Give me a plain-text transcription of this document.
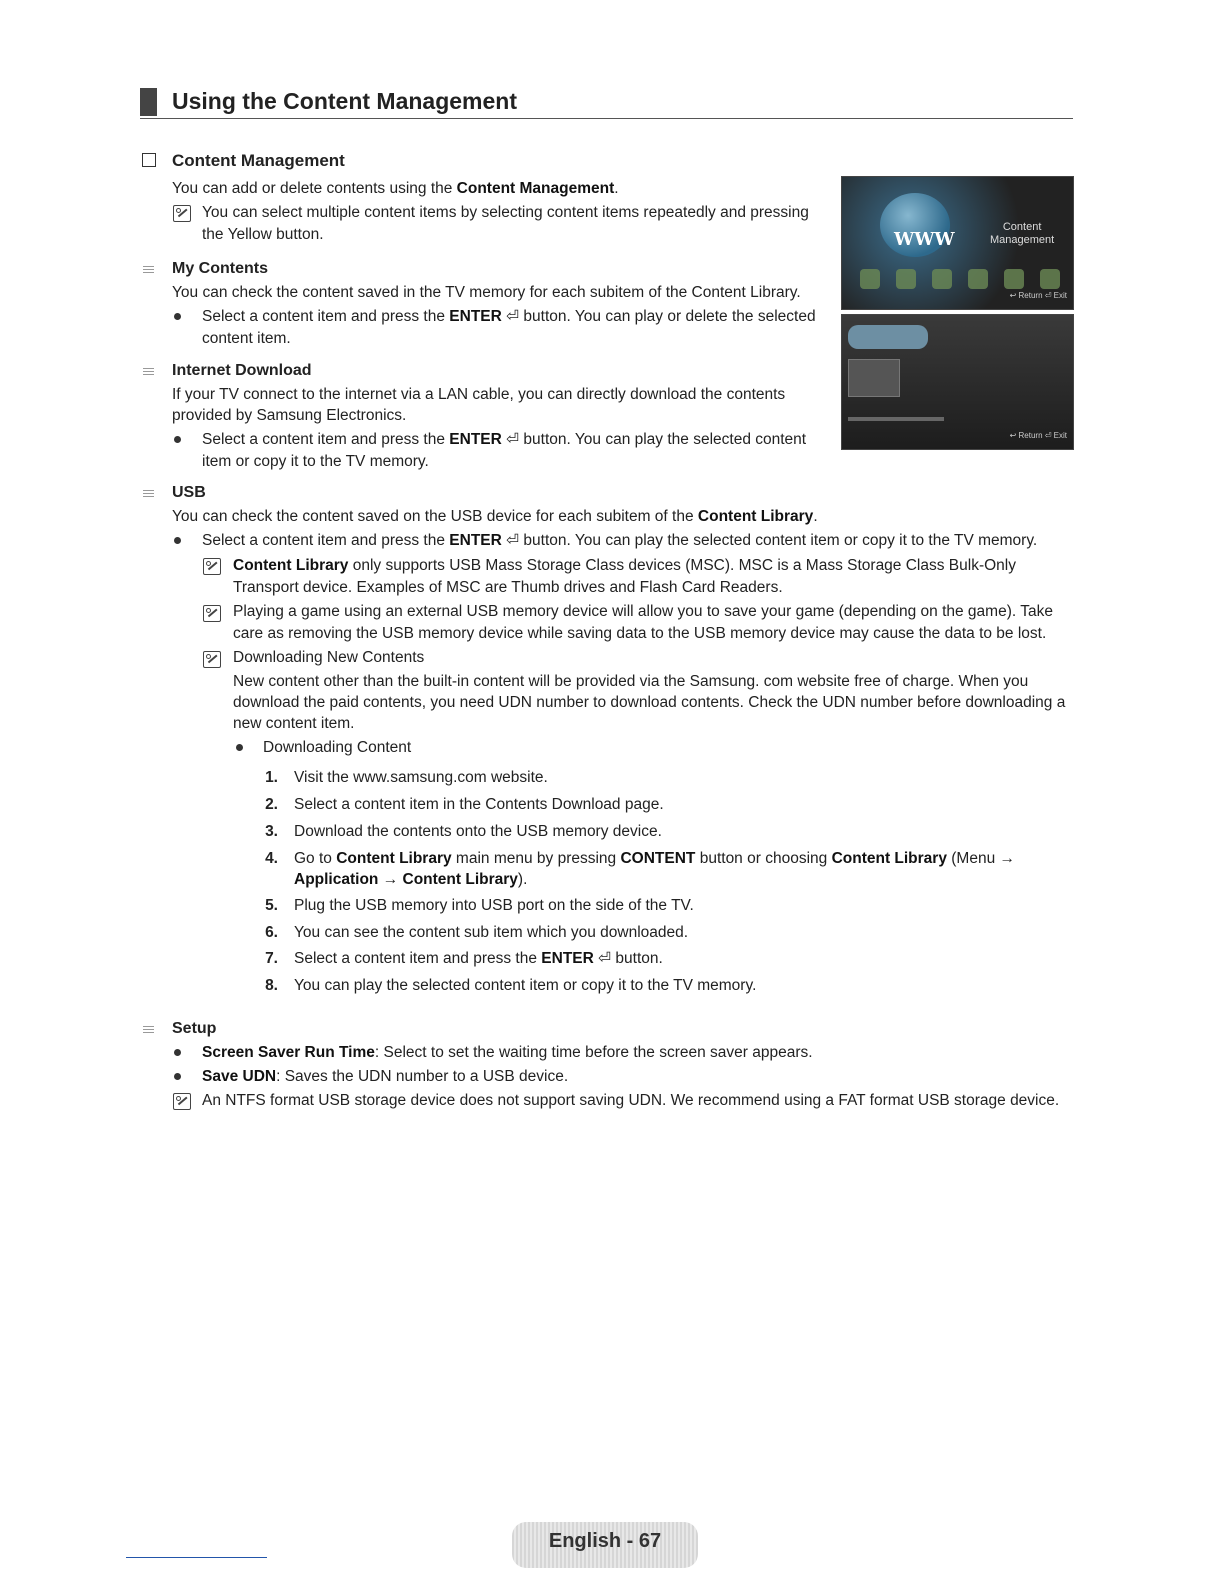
Using the Content Management
Content Management
You can add or delete contents using the Content Management.
You can select multiple content items by selecting content items repeatedly and pressing
the Yellow button.
My Contents
You can check the content saved in the TV memory for each subitem of the Content Library.
Select a content item and press the ENTER ⏎ button. You can play or delete the selected
content item.
Internet Download
If your TV connect to the internet via a LAN cable, you can directly download the contents
provided by Samsung Electronics.
Select a content item and press the ENTER ⏎ button. You can play the selected content
item or copy it to the TV memory.
WWW
Content
Management
↩ Return ⏎ Exit
↩ Return ⏎ Exit
USB
You can check the content saved on the USB device for each subitem of the Content Library.
Select a content item and press the ENTER ⏎ button. You can play the selected content item or copy it to the TV memory.
Content Library only supports USB Mass Storage Class devices (MSC). MSC is a Mass Storage Class Bulk-Only
Transport device. Examples of MSC are Thumb drives and Flash Card Readers.
Playing a game using an external USB memory device will allow you to save your game (depending on the game). Take
care as removing the USB memory device while saving data to the USB memory device may cause the data to be lost.
Downloading New Contents
New content other than the built-in content will be provided via the Samsung. com website free of charge. When you
download the paid contents, you need UDN number to download contents. Check the UDN number before downloading a
new content item.
Downloading Content
1. Visit the www.samsung.com website.
2. Select a content item in the Contents Download page.
3. Download the contents onto the USB memory device.
4. Go to Content Library main menu by pressing CONTENT button or choosing Content Library (Menu →
Application → Content Library).
5. Plug the USB memory into USB port on the side of the TV.
6. You can see the content sub item which you downloaded.
7. Select a content item and press the ENTER ⏎ button.
8. You can play the selected content item or copy it to the TV memory.
Setup
Screen Saver Run Time: Select to set the waiting time before the screen saver appears.
Save UDN: Saves the UDN number to a USB device.
An NTFS format USB storage device does not support saving UDN. We recommend using a FAT format USB storage device.
English - 67
